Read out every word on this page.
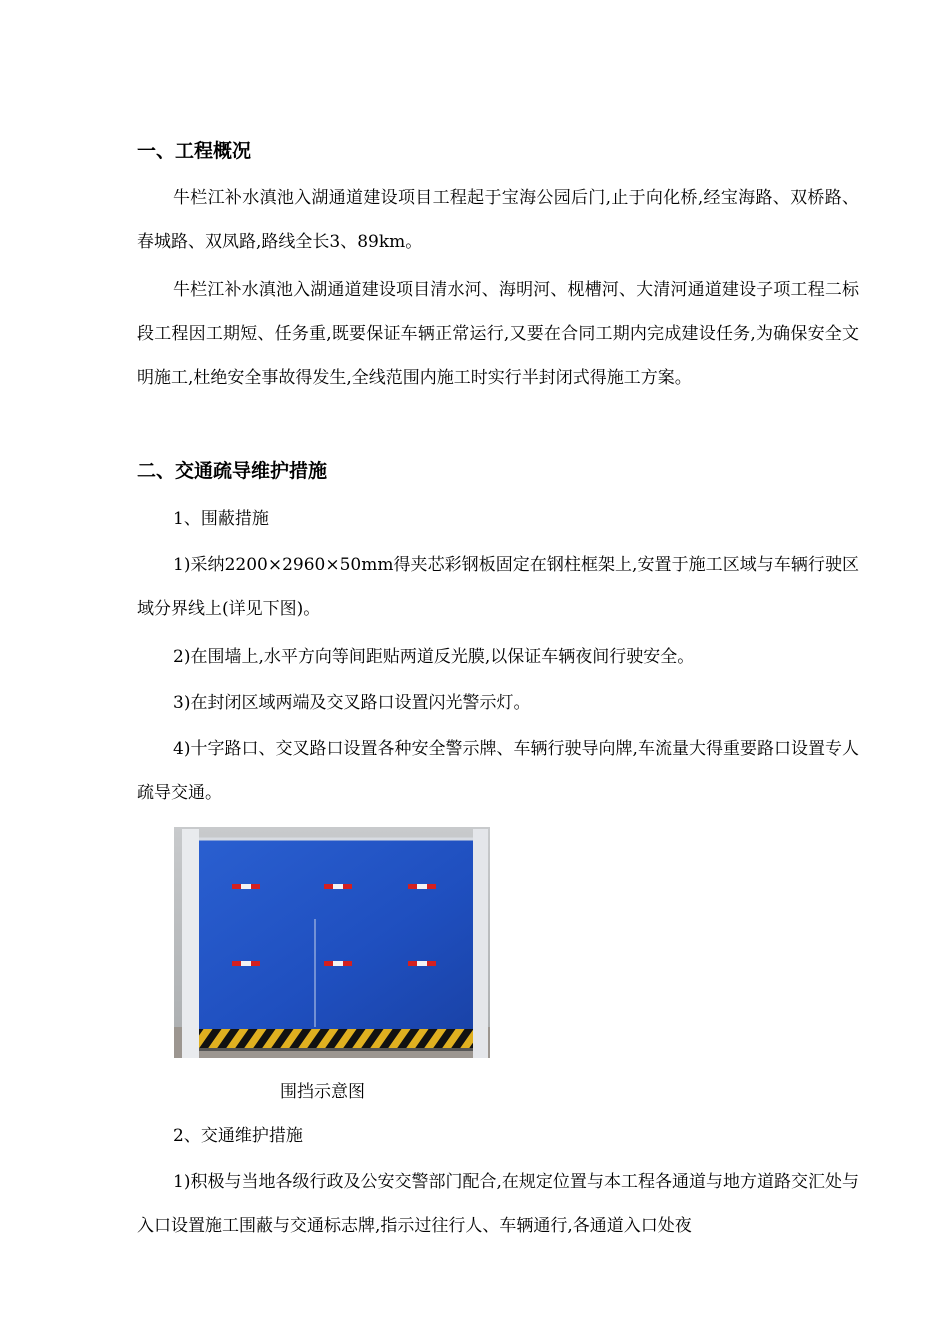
一、工程概况
牛栏江补水滇池入湖通道建设项目工程起于宝海公园后门,止于向化桥,经宝海路、双桥路、春城路、双凤路,路线全长3、89km。
牛栏江补水滇池入湖通道建设项目清水河、海明河、枧槽河、大清河通道建设子项工程二标段工程因工期短、任务重,既要保证车辆正常运行,又要在合同工期内完成建设任务,为确保安全文明施工,杜绝安全事故得发生,全线范围内施工时实行半封闭式得施工方案。
二、交通疏导维护措施
1、围蔽措施
1)采纳2200×2960×50mm得夹芯彩钢板固定在钢柱框架上,安置于施工区域与车辆行驶区域分界线上(详见下图)。
2)在围墙上,水平方向等间距贴两道反光膜,以保证车辆夜间行驶安全。
3)在封闭区域两端及交叉路口设置闪光警示灯。
4)十字路口、交叉路口设置各种安全警示牌、车辆行驶导向牌,车流量大得重要路口设置专人疏导交通。
围挡示意图
2、交通维护措施
1)积极与当地各级行政及公安交警部门配合,在规定位置与本工程各通道与地方道路交汇处与入口设置施工围蔽与交通标志牌,指示过往行人、车辆通行,各通道入口处夜
